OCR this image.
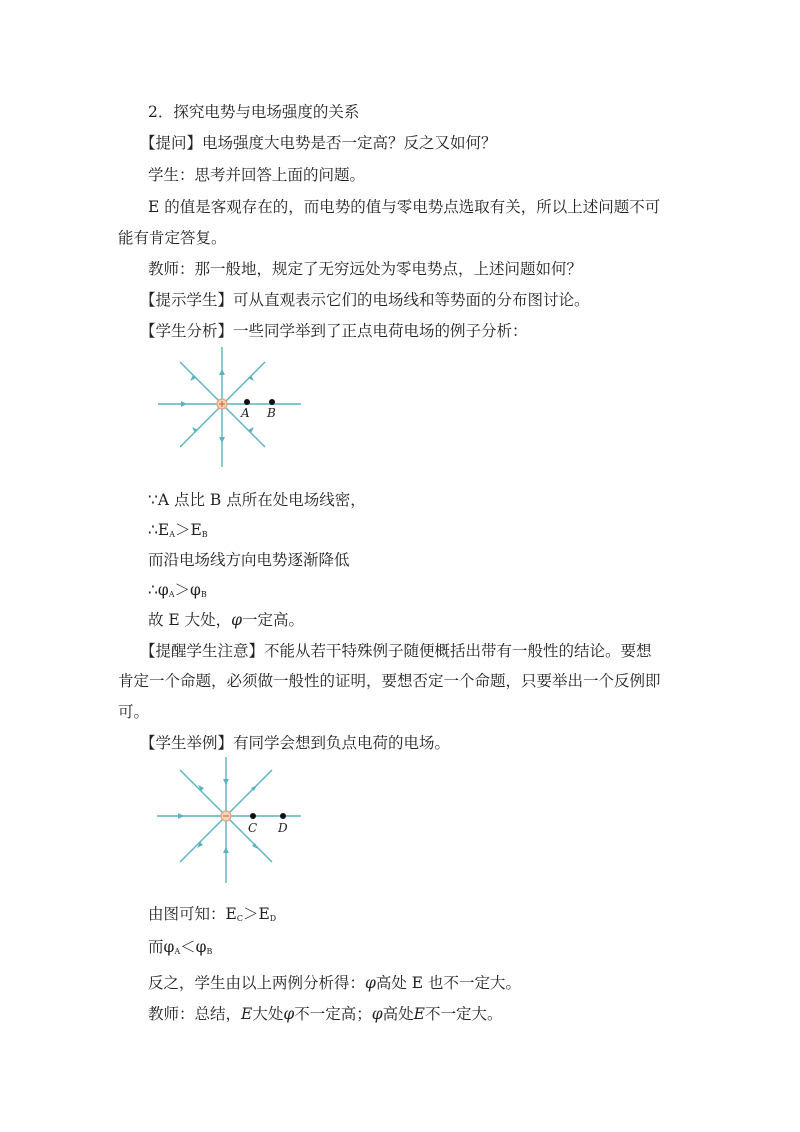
2．探究电势与电场强度的关系
【提问】电场强度大电势是否一定高？反之又如何？
学生：思考并回答上面的问题。
E 的值是客观存在的，而电势的值与零电势点选取有关，所以上述问题不可
能有肯定答复。
教师：那一般地，规定了无穷远处为零电势点，上述问题如何？
【提示学生】可从直观表示它们的电场线和等势面的分布图讨论。
【学生分析】一些同学举到了正点电荷电场的例子分析：
A B
∵A 点比 B 点所在处电场线密，
$\therefore E_A>E_B$
而沿电场线方向电势逐渐降低
$\therefore\varphi_A>\varphi_B$
故 E 大处，φ一定高。
【提醒学生注意】不能从若干特殊例子随便概括出带有一般性的结论。要想
肯定一个命题，必须做一般性的证明，要想否定一个命题，只要举出一个反例即
可。
【学生举例】有同学会想到负点电荷的电场。
C D
由图可知：$E_C>E_D$
而$\varphi_A<\varphi_B$
反之，学生由以上两例分析得：φ高处 E 也不一定大。
教师：总结，E大处φ不一定高；φ高处E不一定大。
